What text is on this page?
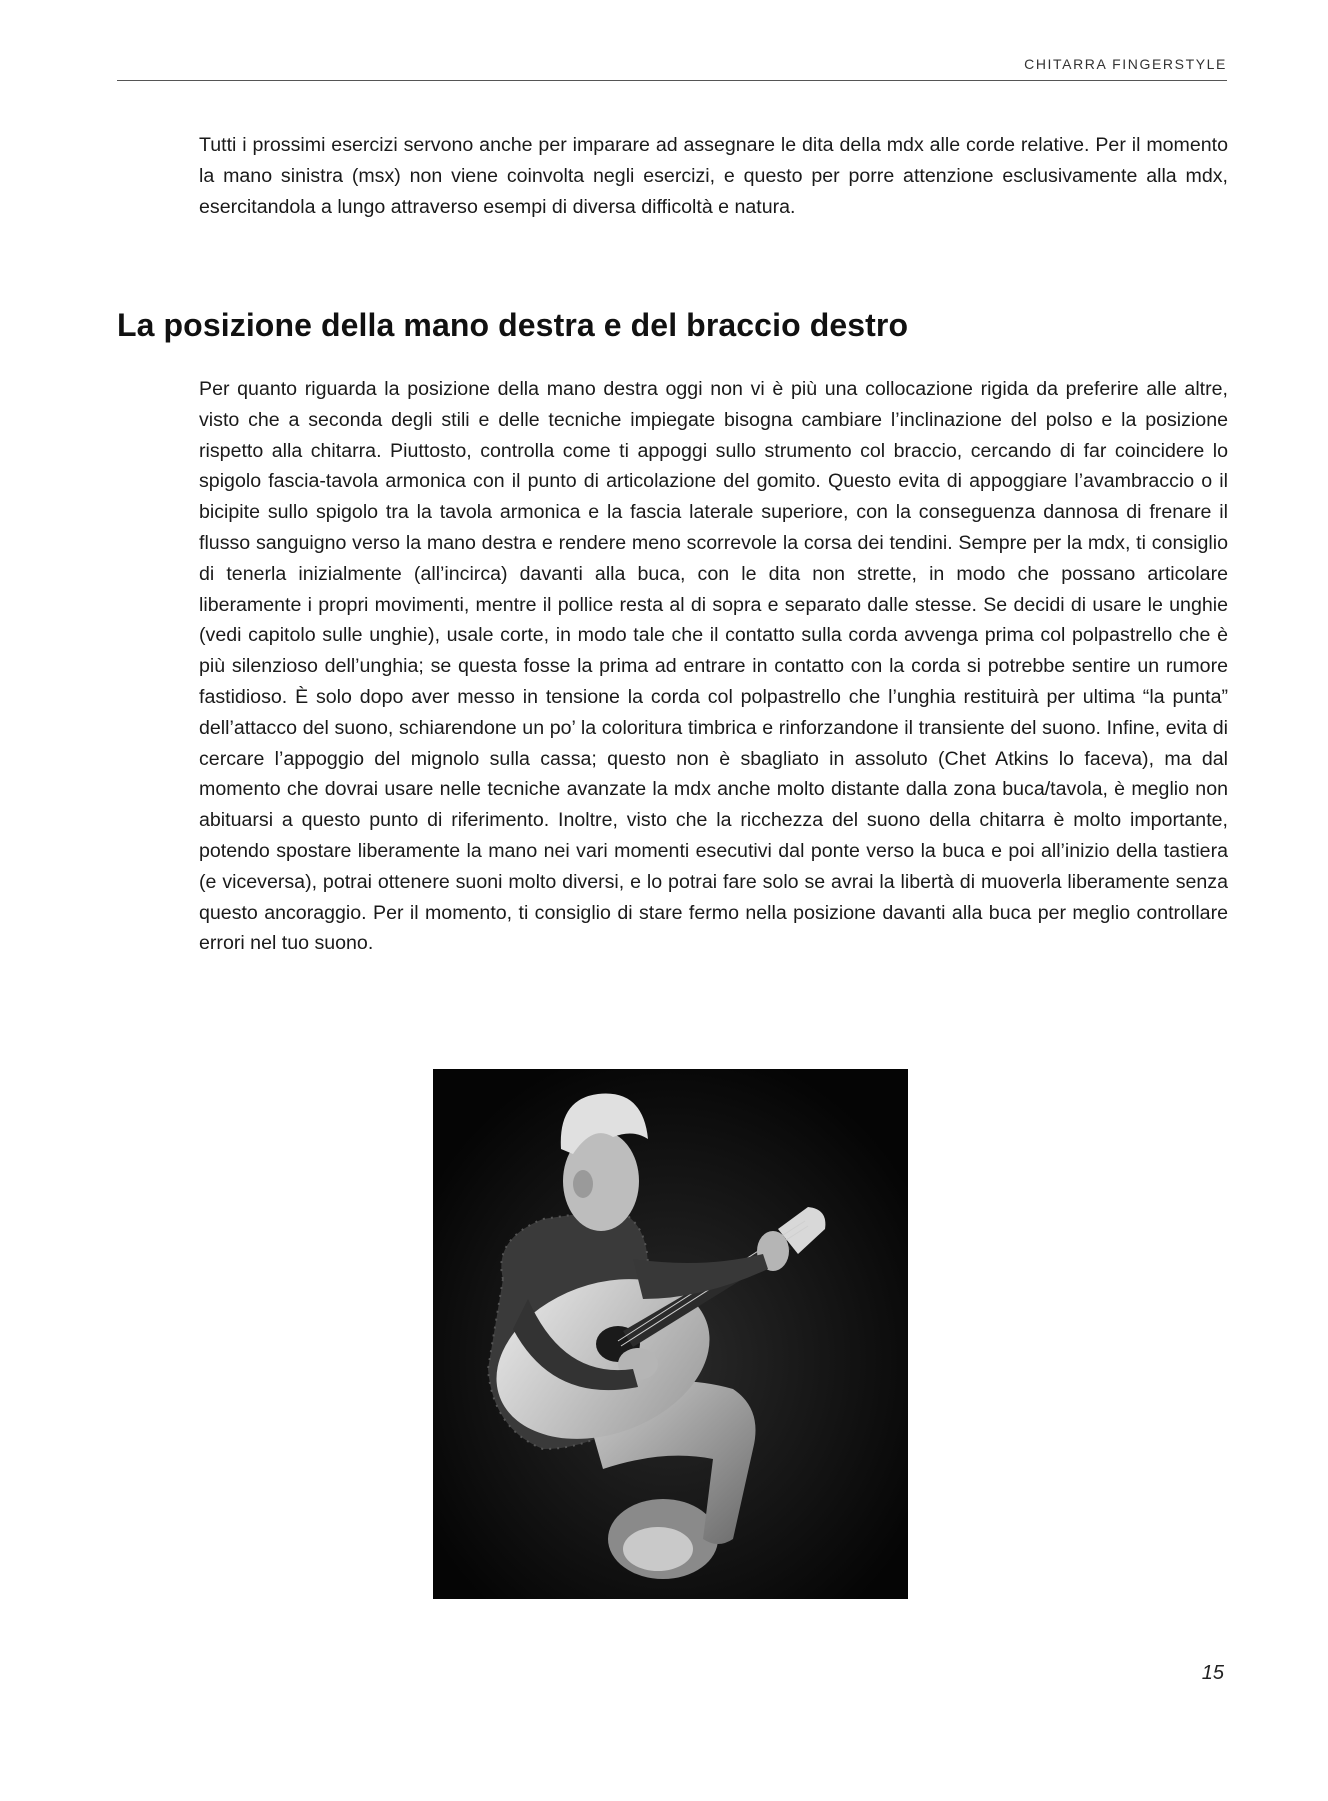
CHITARRA FINGERSTYLE

Tutti i prossimi esercizi servono anche per imparare ad assegnare le dita della mdx alle corde relative. Per il momento la mano sinistra (msx) non viene coinvolta negli esercizi, e questo per porre attenzione esclusivamente alla mdx, esercitandola a lungo attraverso esempi di diversa difficoltà e natura.

La posizione della mano destra e del braccio destro

Per quanto riguarda la posizione della mano destra oggi non vi è più una collocazione rigida da preferire alle altre, visto che a seconda degli stili e delle tecniche impiegate bisogna cambiare l’inclinazione del polso e la posizione rispetto alla chitarra. Piuttosto, controlla come ti appoggi sullo strumento col braccio, cercando di far coincidere lo spigolo fascia-tavola armonica con il punto di articolazione del gomito. Questo evita di appoggiare l’avambraccio o il bicipite sullo spigolo tra la tavola armonica e la fascia laterale superiore, con la conseguenza dannosa di frenare il flusso sanguigno verso la mano destra e rendere meno scorrevole la corsa dei tendini. Sempre per la mdx, ti consiglio di tenerla inizialmente (all’incirca) davanti alla buca, con le dita non strette, in modo che possano articolare liberamente i propri movimenti, mentre il pollice resta al di sopra e separato dalle stesse. Se decidi di usare le unghie (vedi capitolo sulle unghie), usale corte, in modo tale che il contatto sulla corda avvenga prima col polpastrello che è più silenzioso dell’unghia; se questa fosse la prima ad entrare in contatto con la corda si potrebbe sentire un rumore fastidioso. È solo dopo aver messo in tensione la corda col polpastrello che l’unghia restituirà per ultima “la punta” dell’attacco del suono, schiarendone un po’ la coloritura timbrica e rinforzandone il transiente del suono. Infine, evita di cercare l’appoggio del mignolo sulla cassa; questo non è sbagliato in assoluto (Chet Atkins lo faceva), ma dal momento che dovrai usare nelle tecniche avanzate la mdx anche molto distante dalla zona buca/tavola, è meglio non abituarsi a questo punto di riferimento. Inoltre, visto che la ricchezza del suono della chitarra è molto importante, potendo spostare liberamente la mano nei vari momenti esecutivi dal ponte verso la buca e poi all’inizio della tastiera (e viceversa), potrai ottenere suoni molto diversi, e lo potrai fare solo se avrai la libertà di muoverla liberamente senza questo ancoraggio. Per il momento, ti consiglio di stare fermo nella posizione davanti alla buca per meglio controllare errori nel tuo suono.

15
